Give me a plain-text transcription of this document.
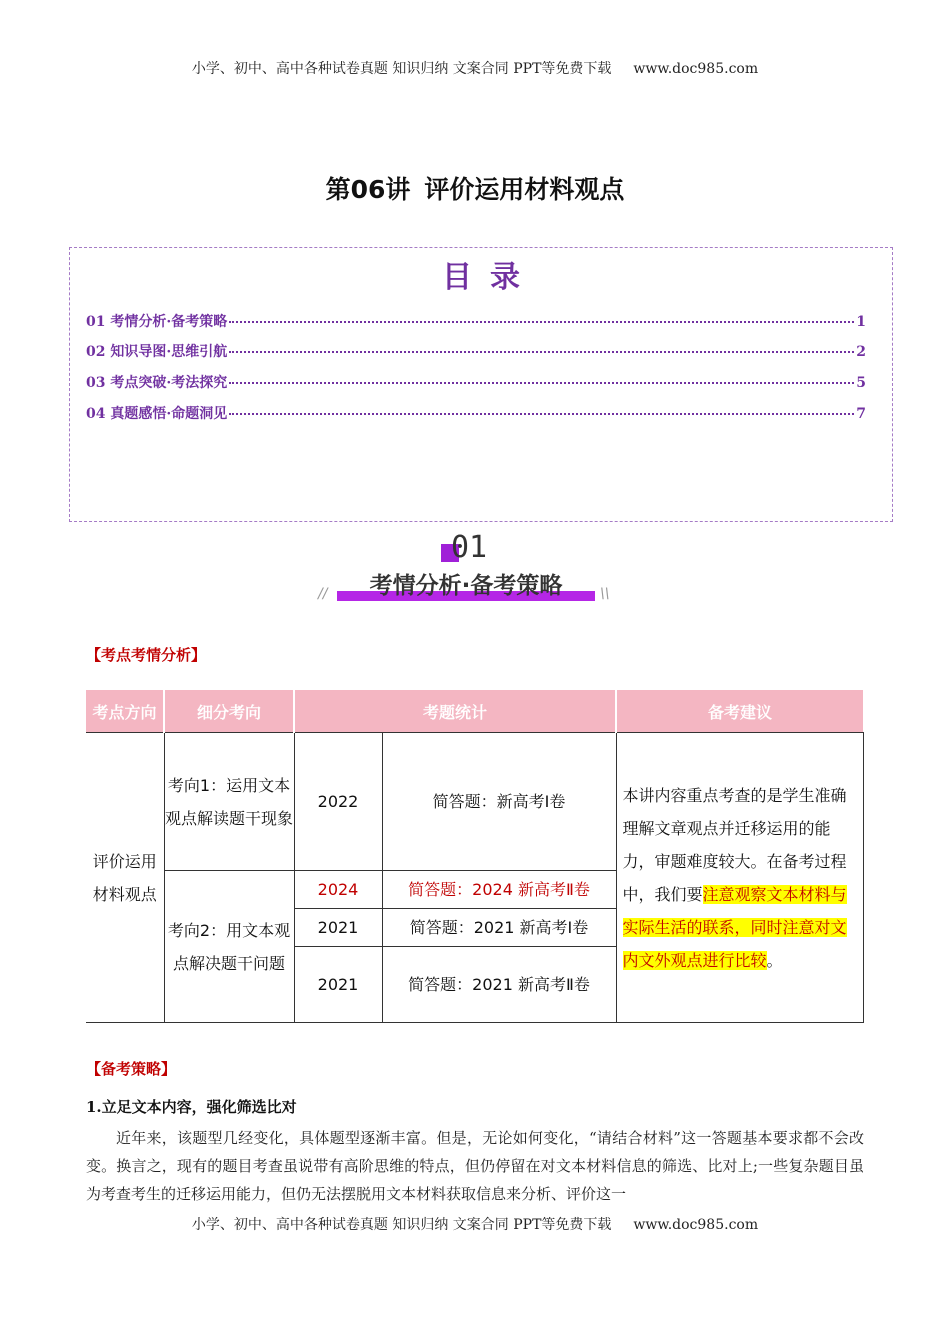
小学、初中、高中各种试卷真题 知识归纳 文案合同 PPT等免费下载 www.doc985.com
第06讲 评价运用材料观点
目录
01 考情分析·备考策略	1
02 知识导图·思维引航	2
03 考点突破·考法探究	5
04 真题感悟·命题洞见	7
01
考情分析·备考策略
//	\\
【考点考情分析】
考点方向	细分考向	考题统计		备考建议
评价运用材料观点	考向1：运用文本观点解读题干现象	2022	简答题：新高考Ⅰ卷	本讲内容重点考查的是学生准确理解文章观点并迁移运用的能力，审题难度较大。在备考过程中，我们要注意观察文本材料与实际生活的联系，同时注意对文内文外观点进行比较。
	考向2：用文本观点解决题干问题	2024	简答题：2024 新高考Ⅱ卷	
		2021	简答题：2021 新高考Ⅰ卷	
		2021	简答题：2021 新高考Ⅱ卷	
【备考策略】
1.立足文本内容，强化筛选比对
近年来，该题型几经变化，具体题型逐渐丰富。但是，无论如何变化，“请结合材料”这一答题基本要求都不会改变。换言之，现有的题目考查虽说带有高阶思维的特点，但仍停留在对文本材料信息的筛选、比对上;一些复杂题目虽为考查考生的迁移运用能力，但仍无法摆脱用文本材料获取信息来分析、评价这一
小学、初中、高中各种试卷真题 知识归纳 文案合同 PPT等免费下载 www.doc985.com
